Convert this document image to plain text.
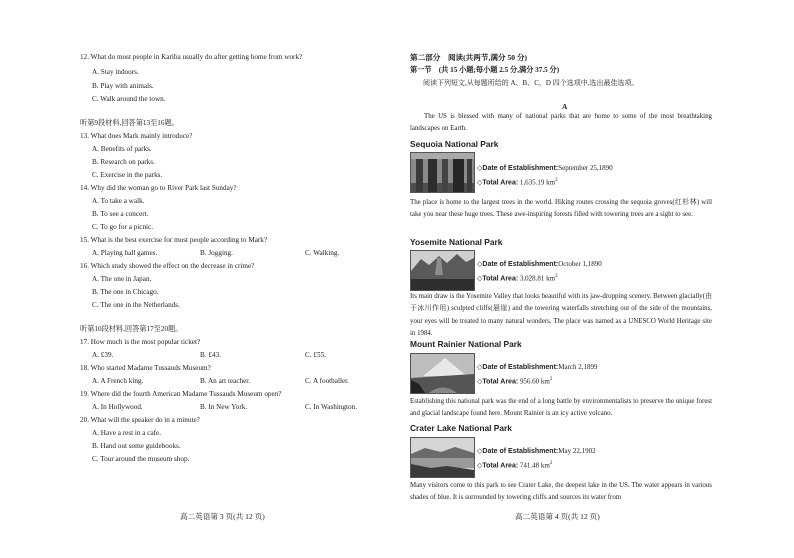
12. What do most people in Kariba usually do after getting home from work?
A. Stay indoors.
B. Play with animals.
C. Walk around the town.
听第9段材料,回答第13至16题。
13. What does Mark mainly introduce?
A. Benefits of parks.
B. Research on parks.
C. Exercise in the parks.
14. Why did the woman go to River Park last Sunday?
A. To take a walk.
B. To see a concert.
C. To go for a picnic.
15. What is the best exercise for most people according to Mark?
A. Playing ball games.	B. Jogging.	C. Walking.
16. Which study showed the effect on the decrease in crime?
A. The one in Japan.
B. The one in Chicago.
C. The one in the Netherlands.
听第10段材料,回答第17至20题。
17. How much is the most popular ticket?
A. £39.	B. £43.	C. £55.
18. Who started Madame Tussauds Museum?
A. A French king.	B. An art teacher.	C. A footballer.
19. Where did the fourth American Madame Tussauds Museum open?
A. In Hollywood.	B. In New York.	C. In Washington.
20. What will the speaker do in a minute?
A. Have a rest in a cafe.
B. Hand out some guidebooks.
C. Tour around the museum shop.
高二英语第 3 页(共 12 页)
第二部分　阅读(共两节,满分 50 分)
第一节　(共 15 小题;每小题 2.5 分,满分 37.5 分)
阅读下列短文,从每题所给的 A、B、C、D 四个选项中,选出最佳选项。
A
The US is blessed with many of national parks that are home to some of the most breathtaking landscapes on Earth.
Sequoia National Park
◇Date of Establishment:September 25,1890
◇Total Area: 1,635.19 $km^2$
The place is home to the largest trees in the world. Hiking routes crossing the sequoia groves(红杉林) will take you near these huge trees. These awe-inspiring forests filled with towering trees are a sight to see.
Yosemite National Park
◇Date of Establishment:October 1,1890
◇Total Area: 3,028.81 $km^2$
Its main draw is the Yosemite Valley that looks beautiful with its jaw-dropping scenery. Between glacially(由于冰川作用) sculpted cliffs(悬崖) and the towering waterfalls stretching out of the side of the mountains, your eyes will be treated to many natural wonders. The place was named as a UNESCO World Heritage site in 1984.
Mount Rainier National Park
◇Date of Establishment:March 2,1899
◇Total Area: 956.60 $km^2$
Establishing this national park was the end of a long battle by environmentalists to preserve the unique forest and glacial landscape found here. Mount Rainier is an icy active volcano.
Crater Lake National Park
◇Date of Establishment:May 22,1902
◇Total Area: 741.48 $km^2$
Many visitors come to this park to see Crater Lake, the deepest lake in the US. The water appears in various shades of blue. It is surrounded by towering cliffs and sources its water from
高二英语第 4 页(共 12 页)
